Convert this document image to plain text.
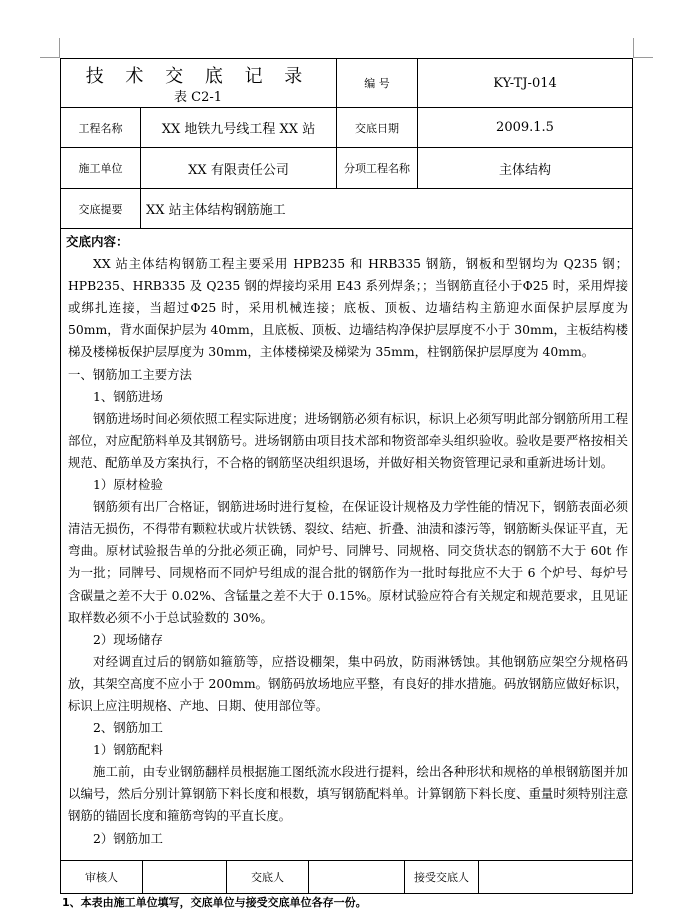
技 术 交 底 记 录
表 C2-1
编 号	KY-TJ-014
工程名称	XX 地铁九号线工程 XX 站	交底日期	2009.1.5
施工单位	XX 有限责任公司	分项工程名称	主体结构
交底提要	XX 站主体结构钢筋施工

交底内容：

XX 站主体结构钢筋工程主要采用 HPB235 和 HRB335 钢筋，钢板和型钢均为 Q235 钢；HPB235、HRB335 及 Q235 钢的焊接均采用 E43 系列焊条；；当钢筋直径小于Φ25 时，采用焊接或绑扎连接，当超过Φ25 时，采用机械连接；底板、顶板、边墙结构主筋迎水面保护层厚度为 50mm，背水面保护层为 40mm，且底板、顶板、边墙结构净保护层厚度不小于 30mm，主板结构楼梯及楼梯板保护层厚度为 30mm，主体楼梯梁及梯梁为 35mm，柱钢筋保护层厚度为 40mm。

一、钢筋加工主要方法

1、钢筋进场

钢筋进场时间必须依照工程实际进度；进场钢筋必须有标识，标识上必须写明此部分钢筋所用工程部位，对应配筋料单及其钢筋号。进场钢筋由项目技术部和物资部牵头组织验收。验收是要严格按相关规范、配筋单及方案执行，不合格的钢筋坚决组织退场，并做好相关物资管理记录和重新进场计划。

1）原材检验

钢筋须有出厂合格证，钢筋进场时进行复检，在保证设计规格及力学性能的情况下，钢筋表面必须清洁无损伤，不得带有颗粒状或片状铁锈、裂纹、结疤、折叠、油渍和漆污等，钢筋断头保证平直，无弯曲。原材试验报告单的分批必须正确，同炉号、同牌号、同规格、同交货状态的钢筋不大于 60t 作为一批；同牌号、同规格而不同炉号组成的混合批的钢筋作为一批时每批应不大于 6 个炉号、每炉号含碳量之差不大于 0.02%、含锰量之差不大于 0.15%。原材试验应符合有关规定和规范要求，且见证取样数必须不小于总试验数的 30%。

2）现场储存

对经调直过后的钢筋如箍筋等，应搭设棚架，集中码放，防雨淋锈蚀。其他钢筋应架空分规格码放，其架空高度不应小于 200mm。钢筋码放场地应平整，有良好的排水措施。码放钢筋应做好标识，标识上应注明规格、产地、日期、使用部位等。

2、钢筋加工

1）钢筋配料

施工前，由专业钢筋翻样员根据施工图纸流水段进行提料，绘出各种形状和规格的单根钢筋图并加以编号，然后分别计算钢筋下料长度和根数，填写钢筋配料单。计算钢筋下料长度、重量时须特别注意钢筋的锚固长度和箍筋弯钩的平直长度。

2）钢筋加工

审核人	交底人	接受交底人
1、本表由施工单位填写，交底单位与接受交底单位各存一份。
